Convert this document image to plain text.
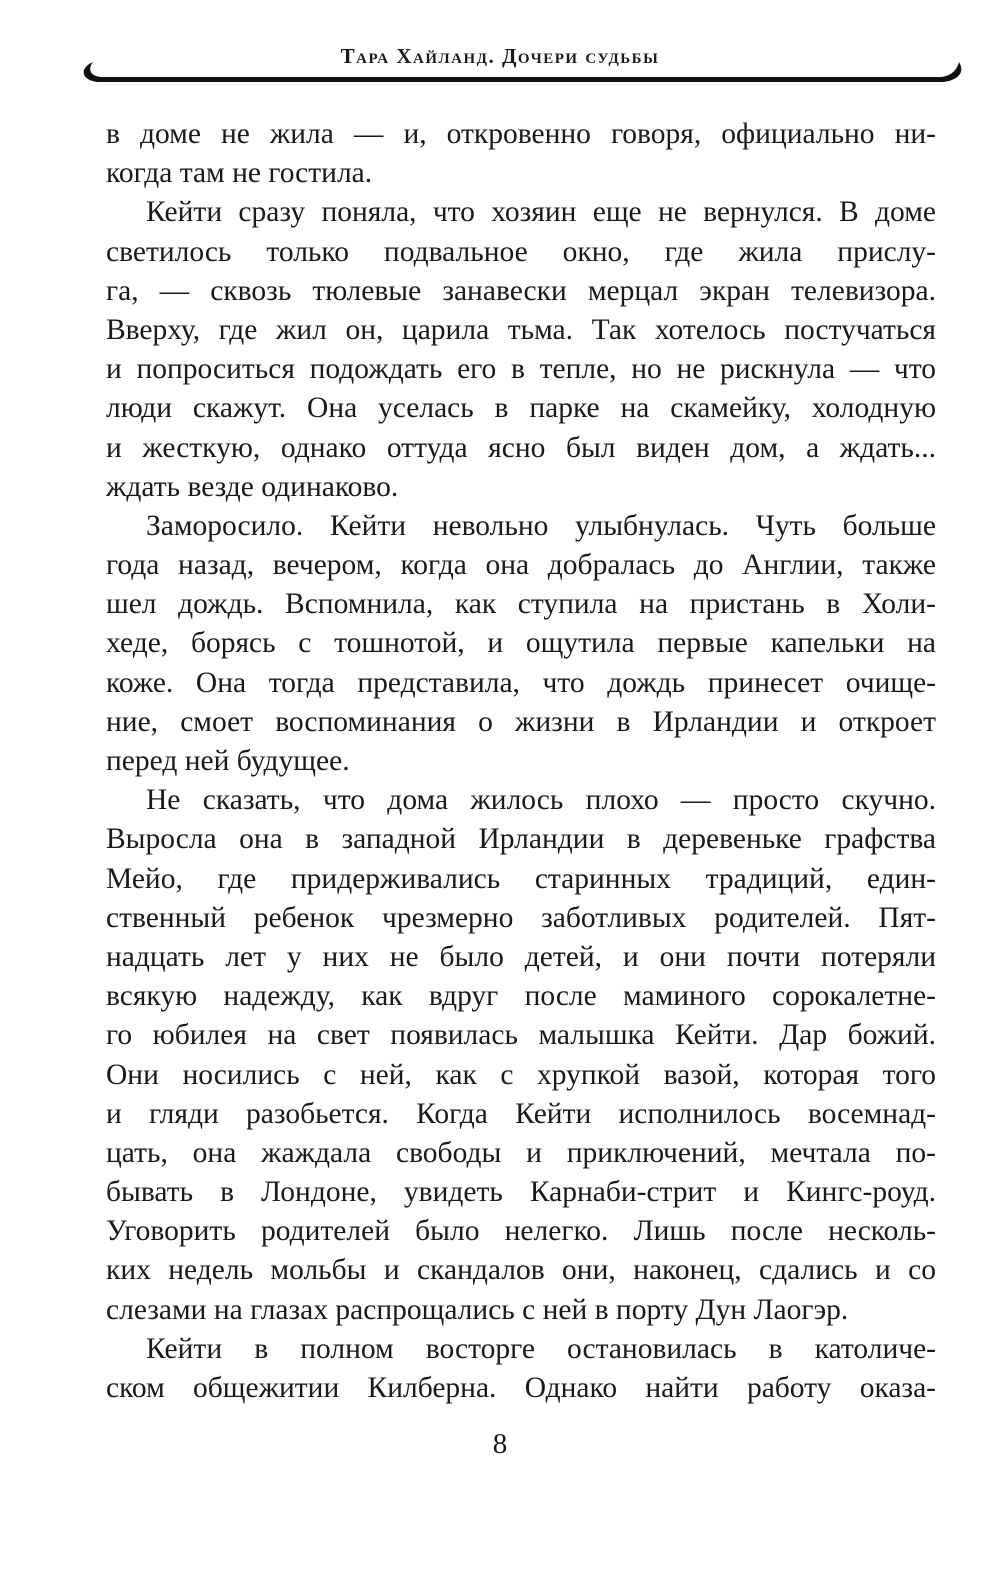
Тара Хайланд. Дочери судьбы
в доме не жила — и, откровенно говоря, официально ни-
когда там не гостила.
Кейти сразу поняла, что хозяин еще не вернулся. В доме
светилось только подвальное окно, где жила прислу-
га, — сквозь тюлевые занавески мерцал экран телевизора.
Вверху, где жил он, царила тьма. Так хотелось постучаться
и попроситься подождать его в тепле, но не рискнула — что
люди скажут. Она уселась в парке на скамейку, холодную
и жесткую, однако оттуда ясно был виден дом, а ждать...
ждать везде одинаково.
Заморосило. Кейти невольно улыбнулась. Чуть больше
года назад, вечером, когда она добралась до Англии, также
шел дождь. Вспомнила, как ступила на пристань в Холи-
хеде, борясь с тошнотой, и ощутила первые капельки на
коже. Она тогда представила, что дождь принесет очище-
ние, смоет воспоминания о жизни в Ирландии и откроет
перед ней будущее.
Не сказать, что дома жилось плохо — просто скучно.
Выросла она в западной Ирландии в деревеньке графства
Мейо, где придерживались старинных традиций, един-
ственный ребенок чрезмерно заботливых родителей. Пят-
надцать лет у них не было детей, и они почти потеряли
всякую надежду, как вдруг после маминого сорокалетне-
го юбилея на свет появилась малышка Кейти. Дар божий.
Они носились с ней, как с хрупкой вазой, которая того
и гляди разобьется. Когда Кейти исполнилось восемнад-
цать, она жаждала свободы и приключений, мечтала по-
бывать в Лондоне, увидеть Карнаби-стрит и Кингс-роуд.
Уговорить родителей было нелегко. Лишь после несколь-
ких недель мольбы и скандалов они, наконец, сдались и со
слезами на глазах распрощались с ней в порту Дун Лаогэр.
Кейти в полном восторге остановилась в католиче-
ском общежитии Килберна. Однако найти работу оказа-
8
